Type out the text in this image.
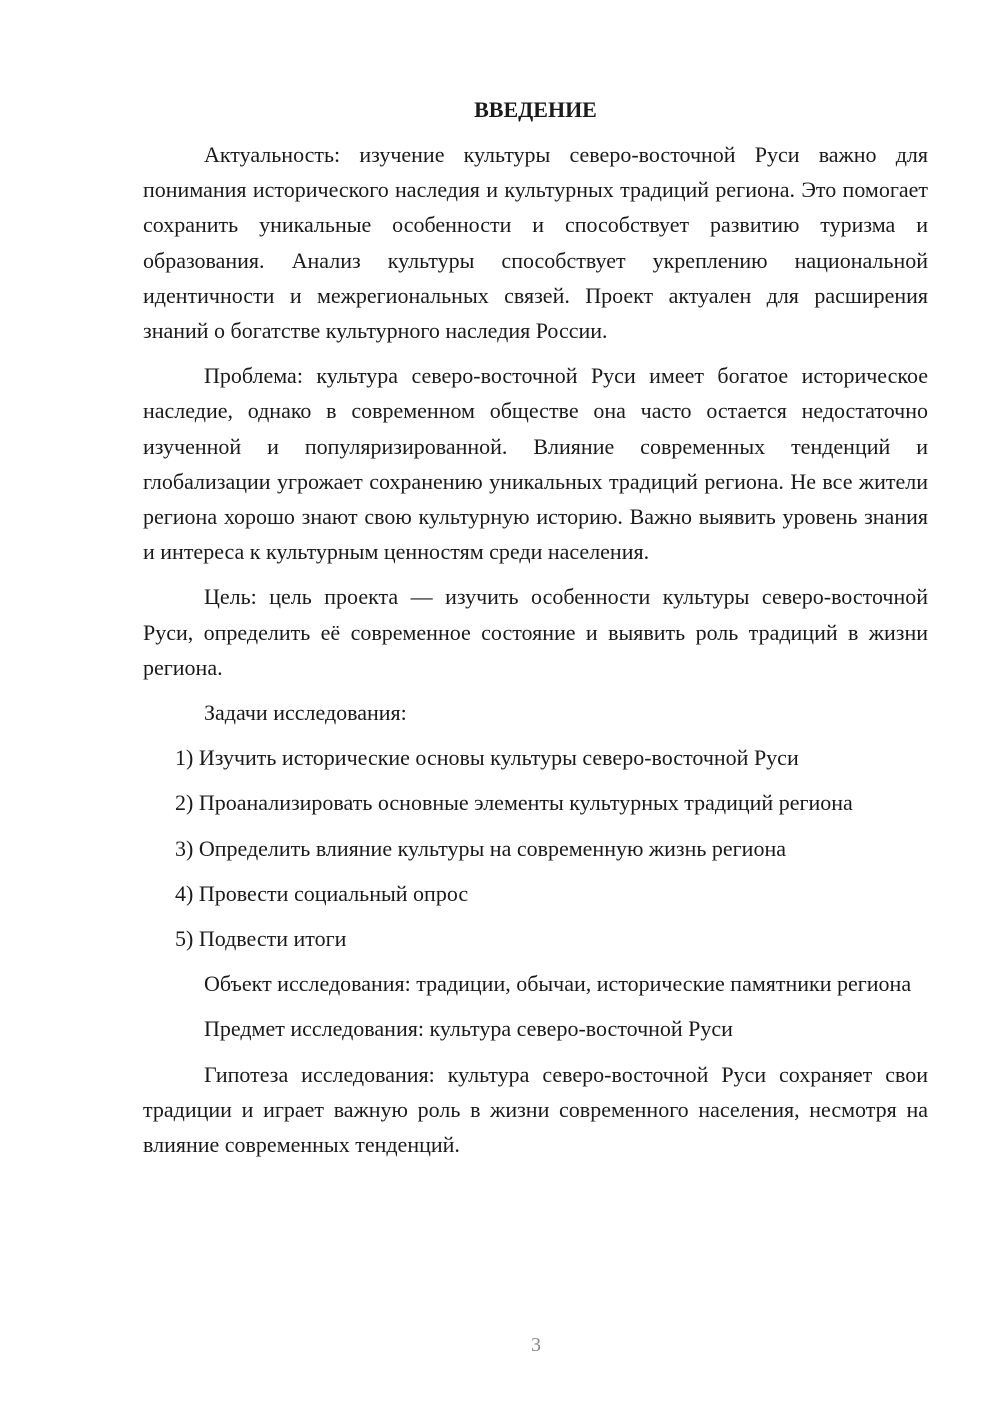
ВВЕДЕНИЕ
Актуальность: изучение культуры северо-восточной Руси важно для понимания исторического наследия и культурных традиций региона. Это помогает сохранить уникальные особенности и способствует развитию туризма и образования. Анализ культуры способствует укреплению национальной идентичности и межрегиональных связей. Проект актуален для расширения знаний о богатстве культурного наследия России.
Проблема: культура северо-восточной Руси имеет богатое историческое наследие, однако в современном обществе она часто остается недостаточно изученной и популяризированной. Влияние современных тенденций и глобализации угрожает сохранению уникальных традиций региона. Не все жители региона хорошо знают свою культурную историю. Важно выявить уровень знания и интереса к культурным ценностям среди населения.
Цель: цель проекта — изучить особенности культуры северо-восточной Руси, определить её современное состояние и выявить роль традиций в жизни региона.
Задачи исследования:
1) Изучить исторические основы культуры северо-восточной Руси
2) Проанализировать основные элементы культурных традиций региона
3) Определить влияние культуры на современную жизнь региона
4) Провести социальный опрос
5) Подвести итоги
Объект исследования: традиции, обычаи, исторические памятники региона
Предмет исследования: культура северо-восточной Руси
Гипотеза исследования: культура северо-восточной Руси сохраняет свои традиции и играет важную роль в жизни современного населения, несмотря на влияние современных тенденций.
3
